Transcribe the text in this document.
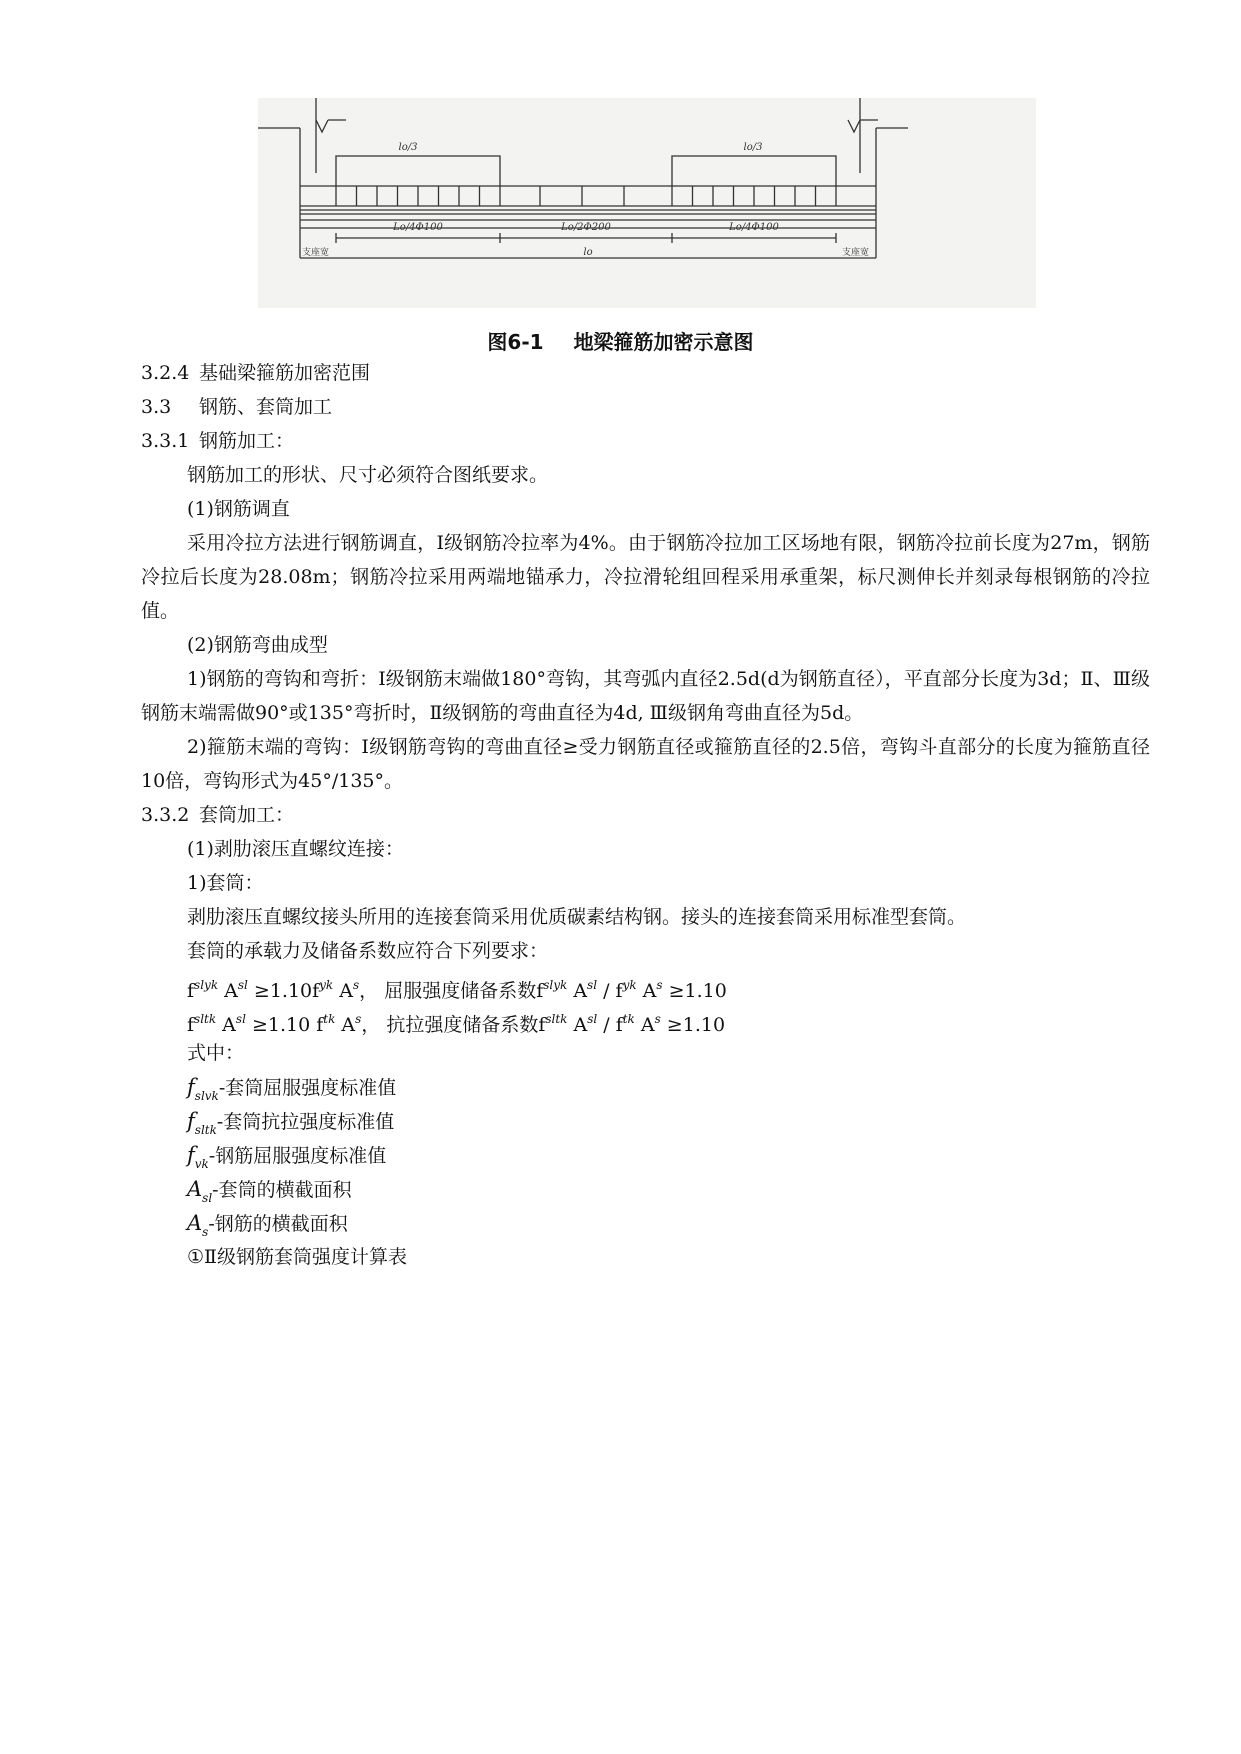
lo/3	lo/3
Lo/4Φ100	Lo/2Φ200	Lo/4Φ100
lo
支座宽	支座宽
图6-1 地梁箍筋加密示意图
3.2.4 基础梁箍筋加密范围
3.3 钢筋、套筒加工
3.3.1 钢筋加工：
钢筋加工的形状、尺寸必须符合图纸要求。
(1)钢筋调直
采用冷拉方法进行钢筋调直，Ⅰ级钢筋冷拉率为4%。由于钢筋冷拉加工区场地有限，钢筋冷拉前长度为27m，钢筋冷拉后长度为28.08m；钢筋冷拉采用两端地锚承力，冷拉滑轮组回程采用承重架，标尺测伸长并刻录每根钢筋的冷拉值。
(2)钢筋弯曲成型
1)钢筋的弯钩和弯折：Ⅰ级钢筋末端做180°弯钩，其弯弧内直径2.5d(d为钢筋直径），平直部分长度为3d；Ⅱ、Ⅲ级钢筋末端需做90°或135°弯折时，Ⅱ级钢筋的弯曲直径为4d, Ⅲ级钢角弯曲直径为5d。
2)箍筋末端的弯钩：Ⅰ级钢筋弯钩的弯曲直径≥受力钢筋直径或箍筋直径的2.5倍，弯钩斗直部分的长度为箍筋直径10倍，弯钩形式为45°/135°。
3.3.2 套筒加工：
(1)剥肋滚压直螺纹连接：
1)套筒：
剥肋滚压直螺纹接头所用的连接套筒采用优质碳素结构钢。接头的连接套筒采用标准型套筒。
套筒的承载力及储备系数应符合下列要求：
$f^{slyk}$ $A^{sl} \ge 1.10f^{yk}$ $A^s$， 屈服强度储备系数$f^{slyk}$ $A^{sl} / f^{yk}$ $A^s \ge 1.10$
$f^{sltk}$ $A^{sl} \ge 1.10$ $f^{tk}$ $A^s$， 抗拉强度储备系数$f^{sltk}$ $A^{sl} / f^{tk}$ $A^s \ge 1.10$
式中：
$f_{slvk}-$套筒屈服强度标准值
$f_{sltk}-$套筒抗拉强度标准值
$f_{vk}-$钢筋屈服强度标准值
$A_{sl}-$套筒的横截面积
$A_s-$钢筋的横截面积
①Ⅱ级钢筋套筒强度计算表
